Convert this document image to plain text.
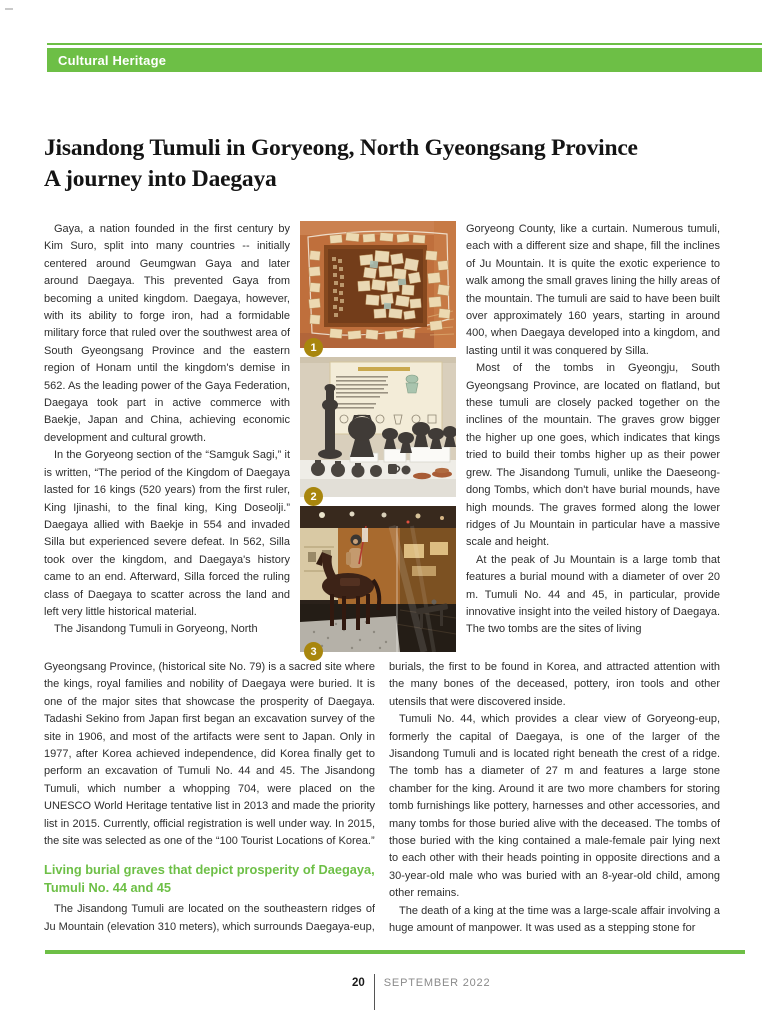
Cultural Heritage
Jisandong Tumuli in Goryeong, North Gyeongsang Province
A journey into Daegaya

Gaya, a nation founded in the first century by Kim Suro, split into many countries -- initially centered around Geumgwan Gaya and later around Daegaya. This prevented Gaya from becoming a united kingdom. Daegaya, however, with its ability to forge iron, had a formidable military force that ruled over the southwest area of South Gyeongsang Province and the eastern region of Honam until the kingdom's demise in 562. As the leading power of the Gaya Federation, Daegaya took part in active commerce with Baekje, Japan and China, achieving economic development and cultural growth.

In the Goryeong section of the “Samguk Sagi,” it is written, “The period of the Kingdom of Daegaya lasted for 16 kings (520 years) from the first ruler, King Ijinashi, to the final king, King Doseolji.” Daegaya allied with Baekje in 554 and invaded Silla but experienced severe defeat. In 562, Silla took over the kingdom, and Daegaya's history came to an end. Afterward, Silla forced the ruling class of Daegaya to scatter across the land and left very little historical material.

The Jisandong Tumuli in Goryeong, North

1
2
3

Goryeong County, like a curtain. Numerous tumuli, each with a different size and shape, fill the inclines of Ju Mountain. It is quite the exotic experience to walk among the small graves lining the hilly areas of the mountain. The tumuli are said to have been built over approximately 160 years, starting in around 400, when Daegaya developed into a kingdom, and lasting until it was conquered by Silla.

Most of the tombs in Gyeongju, South Gyeongsang Province, are located on flatland, but these tumuli are closely packed together on the inclines of the mountain. The graves grow bigger the higher up one goes, which indicates that kings tried to build their tombs higher up as their power grew. The Jisandong Tumuli, unlike the Daeseong-dong Tombs, which don't have burial mounds, have high mounds. The graves formed along the lower ridges of Ju Mountain in particular have a massive scale and height.

At the peak of Ju Mountain is a large tomb that features a burial mound with a diameter of over 20 m. Tumuli No. 44 and 45, in particular, provide innovative insight into the veiled history of Daegaya. The two tombs are the sites of living

Gyeongsang Province, (historical site No. 79) is a sacred site where the kings, royal families and nobility of Daegaya were buried. It is one of the major sites that showcase the prosperity of Daegaya. Tadashi Sekino from Japan first began an excavation survey of the site in 1906, and most of the artifacts were sent to Japan. Only in 1977, after Korea achieved independence, did Korea finally get to perform an excavation of Tumuli No. 44 and 45. The Jisandong Tumuli, which number a whopping 704, were placed on the UNESCO World Heritage tentative list in 2013 and made the priority list in 2015. Currently, official registration is well under way. In 2015, the site was selected as one of the “100 Tourist Locations of Korea.”

Living burial graves that depict prosperity of Daegaya, Tumuli No. 44 and 45

The Jisandong Tumuli are located on the southeastern ridges of Ju Mountain (elevation 310 meters), which surrounds Daegaya-eup,

burials, the first to be found in Korea, and attracted attention with the many bones of the deceased, pottery, iron tools and other utensils that were discovered inside.

Tumuli No. 44, which provides a clear view of Goryeong-eup, formerly the capital of Daegaya, is one of the larger of the Jisandong Tumuli and is located right beneath the crest of a ridge. The tomb has a diameter of 27 m and features a large stone chamber for the king. Around it are two more chambers for storing tomb furnishings like pottery, harnesses and other accessories, and many tombs for those buried alive with the deceased. The tombs of those buried with the king contained a male-female pair lying next to each other with their heads pointing in opposite directions and a 30-year-old male who was buried with an 8-year-old child, among other remains.

The death of a king at the time was a large-scale affair involving a huge amount of manpower. It was used as a stepping stone for

20 SEPTEMBER 2022
